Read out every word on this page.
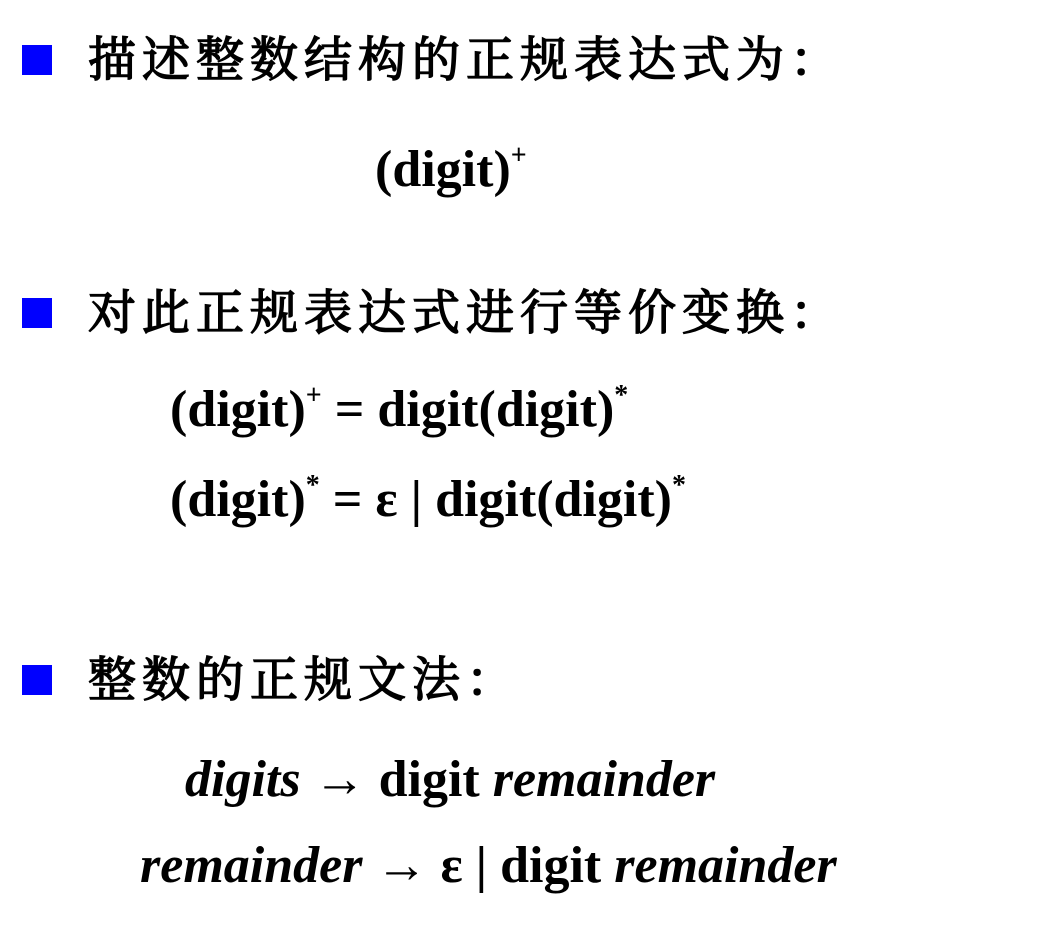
描述整数结构的正规表达式为：
(digit)+
对此正规表达式进行等价变换：
(digit)+ = digit(digit)*
(digit)* = ε | digit(digit)*
整数的正规文法：
digits → digit remainder
remainder → ε | digit remainder
